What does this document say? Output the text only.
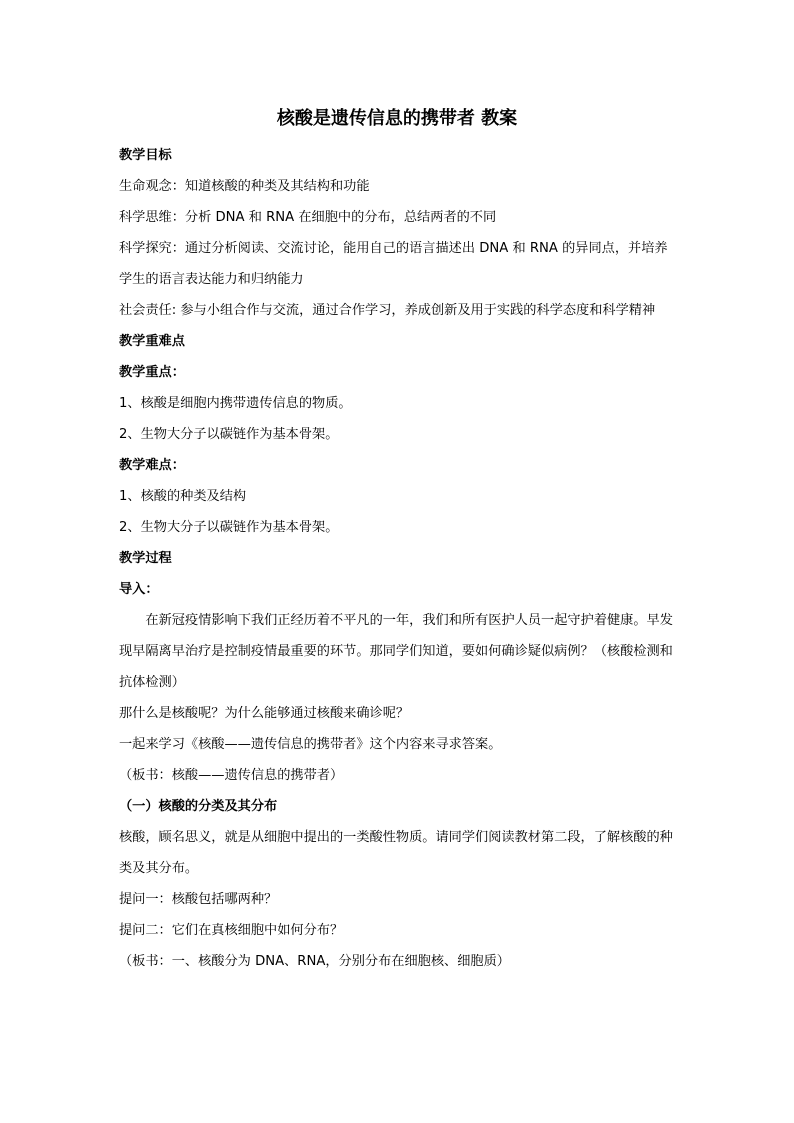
核酸是遗传信息的携带者 教案

教学目标

生命观念：知道核酸的种类及其结构和功能

科学思维：分析 DNA 和 RNA 在细胞中的分布，总结两者的不同

科学探究：通过分析阅读、交流讨论，能用自己的语言描述出 DNA 和 RNA 的异同点，并培养学生的语言表达能力和归纳能力

社会责任: 参与小组合作与交流，通过合作学习，养成创新及用于实践的科学态度和科学精神

教学重难点

教学重点：

1、核酸是细胞内携带遗传信息的物质。

2、生物大分子以碳链作为基本骨架。

教学难点：

1、核酸的种类及结构

2、生物大分子以碳链作为基本骨架。

教学过程

导入：

在新冠疫情影响下我们正经历着不平凡的一年，我们和所有医护人员一起守护着健康。早发现早隔离早治疗是控制疫情最重要的环节。那同学们知道，要如何确诊疑似病例？（核酸检测和抗体检测）

那什么是核酸呢？为什么能够通过核酸来确诊呢？

一起来学习《核酸——遗传信息的携带者》这个内容来寻求答案。

（板书：核酸——遗传信息的携带者）

（一）核酸的分类及其分布

核酸，顾名思义，就是从细胞中提出的一类酸性物质。请同学们阅读教材第二段，了解核酸的种类及其分布。

提问一：核酸包括哪两种？

提问二：它们在真核细胞中如何分布？

（板书：一、核酸分为 DNA、RNA，分别分布在细胞核、细胞质）
